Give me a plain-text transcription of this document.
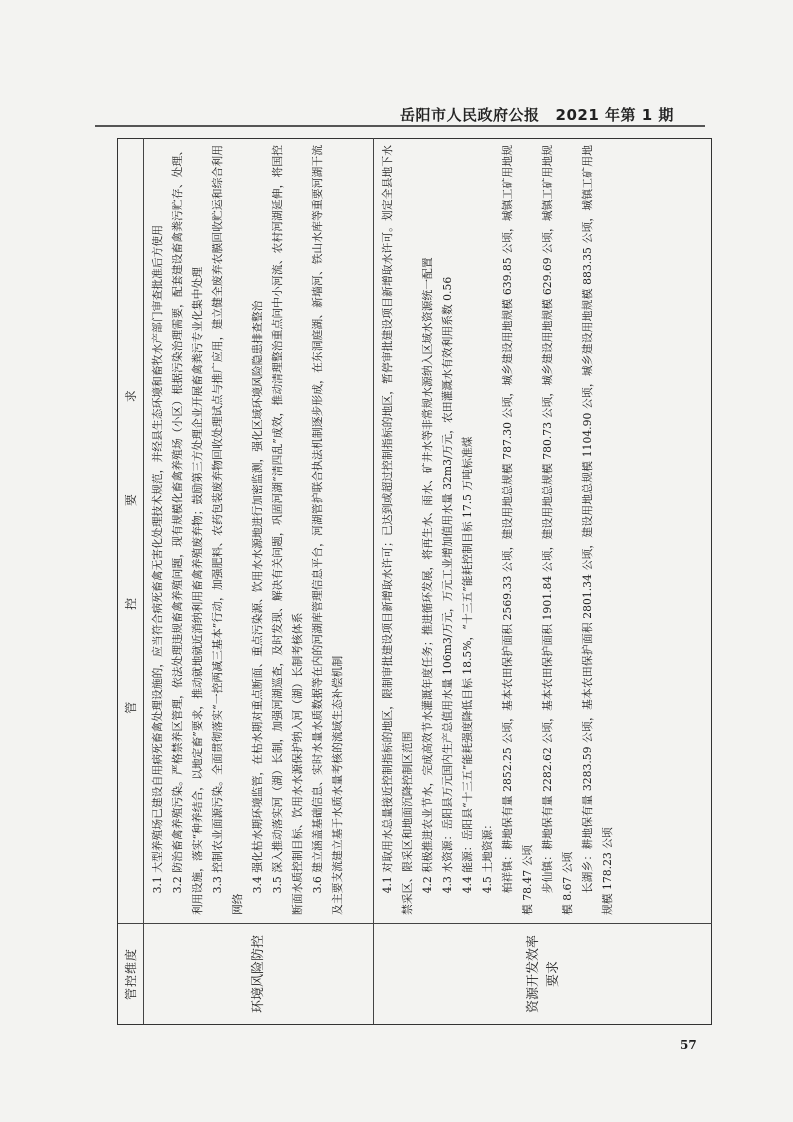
岳阳市人民政府公报 2021 年第 1 期
管控维度
管 控 要 求
环境风险防控

3.1 大型养殖场已建设自用病死畜禽处理设施的，应当符合病死畜禽无害化处理技术规范，并经县生态环境和畜牧水产部门审查批准后方使用 3.2 防治畜禽养殖污染。严格禁养区管理，依法处理违规畜禽养殖问题，现有规模化畜禽养殖场（小区）根据污染治理需要，配套建设畜禽粪污贮存、处理、利用设施，落实“种养结合，以地定畜”要求，推动就地就近消纳利用畜禽养殖废弃物；鼓励第三方处理企业开展畜禽粪污专业化集中处理 3.3 控制农业面源污染。全面贯彻落实“一控两减三基本”行动，加强肥料、农药包装废弃物回收处理试点与推广应用，建立健全废弃农膜回收贮运和综合利用网络

3.4 强化枯水期环境监管，在枯水期对重点断面、重点污染源、饮用水水源地进行加密监测，强化区域环境风险隐患排查整治 3.5 深入推动落实河（湖）长制，加强河湖巡查，及时发现、解决有关问题，巩固河湖“清四乱”成效，推动清理整治重点问中小河流、农村河湖延伸，将国控断面水质控制目标、饮用水水源保护纳入河（湖）长制考核体系 3.6 建立涵盖基础信息、实时水量水质数据等在内的河湖库管理信息平台，河湖管护联合执法机制逐步形成，在东洞庭湖、新墙河、铁山水库等重要河湖干流及主要支流建立基于水质水量考核的流域生态补偿机制

资源开发效率要求

4.1 对取用水总量接近控制指标的地区，限制审批建设项目新增取水许可；已达到或超过控制指标的地区，暂停审批建设项目新增取水许可。划定全县地下水禁采区、限采区和地面沉降控制区范围 4.2 积极推进农业节水，完成高效节水灌溉年度任务；推进循环发展，将再生水、雨水、矿井水等非常规水源纳入区域水资源统一配置 4.3 水资源：岳阳县万元国内生产总值用水量 106m3/万元，万元工业增加值用水量 32m3/万元，农田灌溉水有效利用系数 0.56 4.4 能源：岳阳县“十三五”能耗强度降低目标 18.5%，“十三五”能耗控制目标 17.5 万吨标准煤 4.5 土地资源： 柏祥镇：耕地保有量 2852.25 公顷，基本农田保护面积 2569.33 公顷，建设用地总规模 787.30 公顷，城乡建设用地规模 639.85 公顷，城镇工矿用地规模 78.47 公顷 步仙镇：耕地保有量 2282.62 公顷，基本农田保护面积 1901.84 公顷，建设用地总规模 780.73 公顷，城乡建设用地规模 629.69 公顷，城镇工矿用地规模 8.67 公顷 长湖乡：耕地保有量 3283.59 公顷，基本农田保护面积 2801.34 公顷，建设用地总规模 1104.90 公顷，城乡建设用地规模 883.35 公顷，城镇工矿用地规模 178.23 公顷

57
